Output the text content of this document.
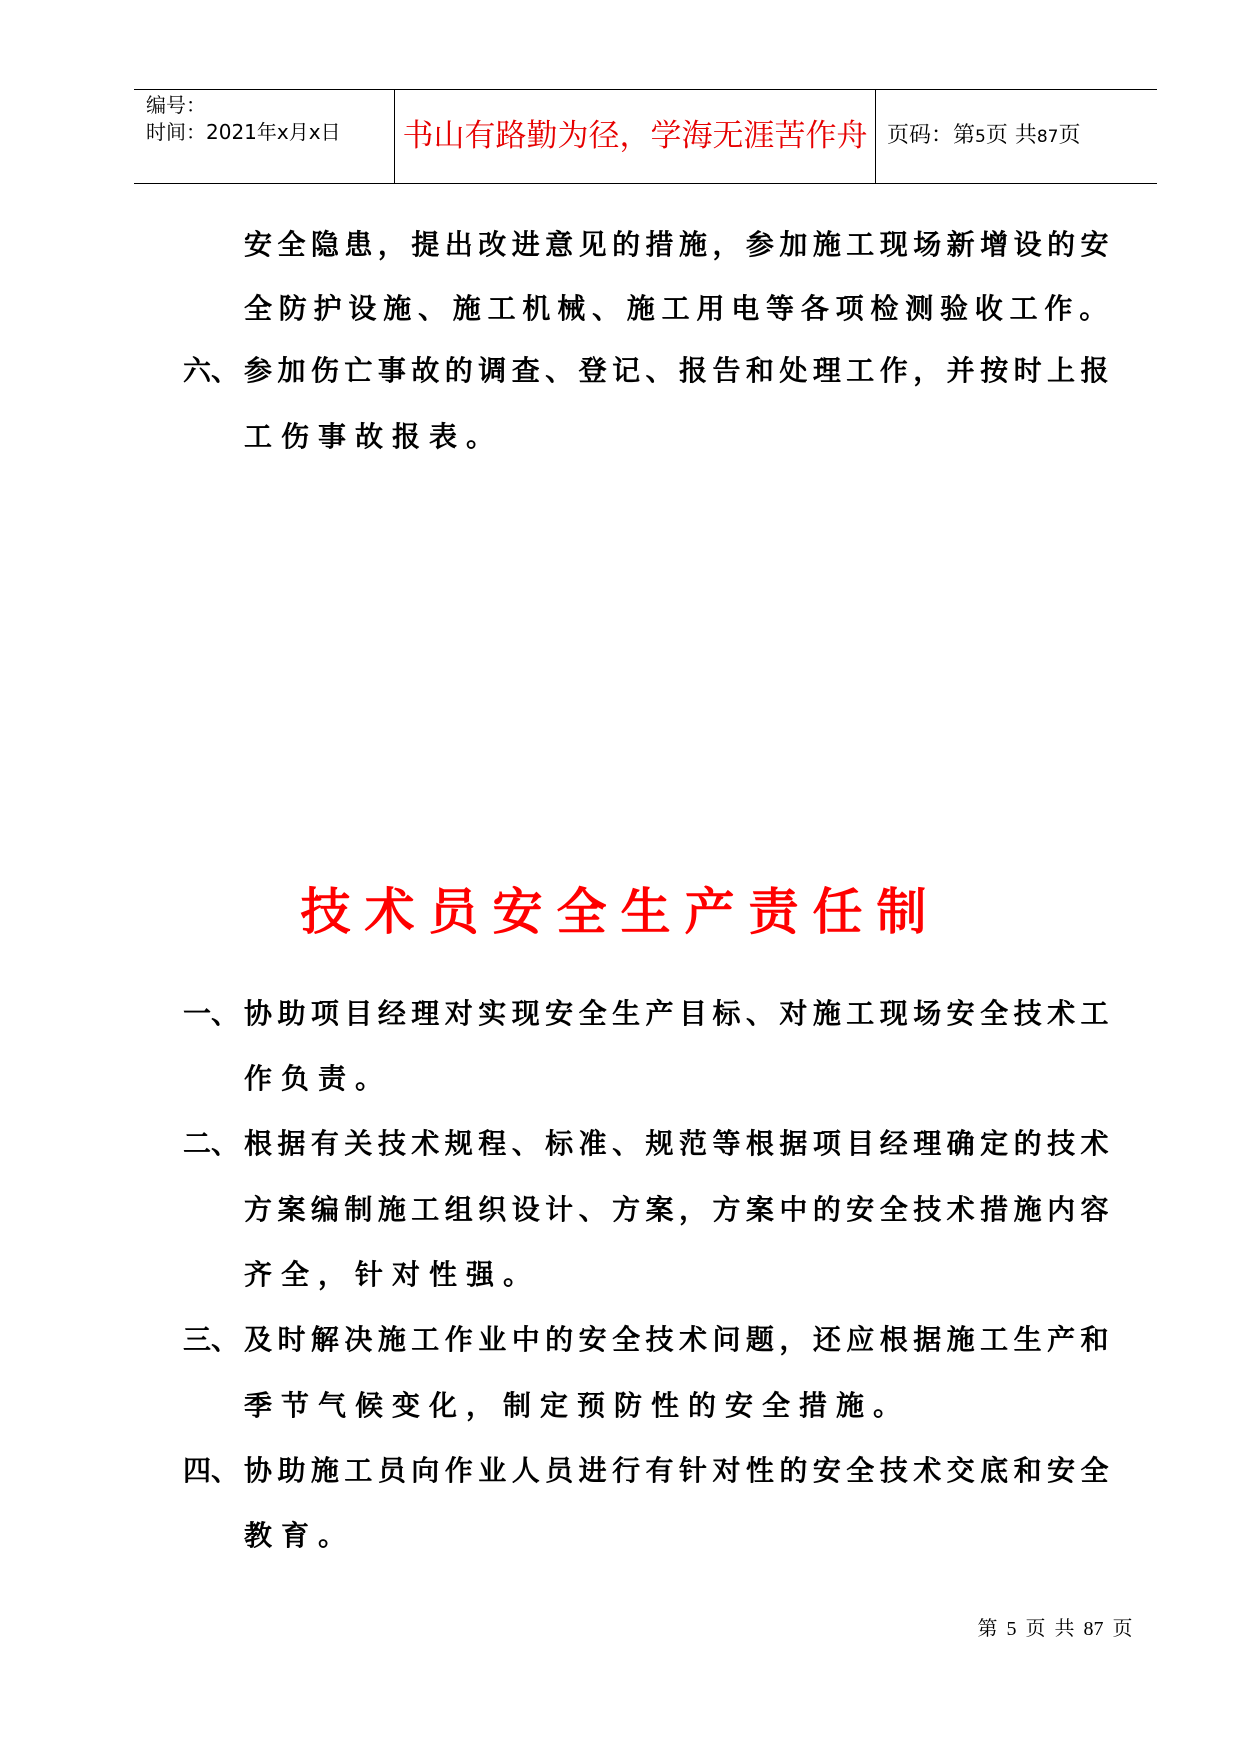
编号：
时间：2021年x月x日 书山有路勤为径，学海无涯苦作舟 页码：第5页 共87页
安全隐患，提出改进意见的措施，参加施工现场新增设的安
全防护设施、施工机械、施工用电等各项检测验收工作。
六、 参加伤亡事故的调查、登记、报告和处理工作，并按时上报
工伤事故报表。
技术员安全生产责任制
一、 协助项目经理对实现安全生产目标、对施工现场安全技术工
作负责。
二、 根据有关技术规程、标准、规范等根据项目经理确定的技术
方案编制施工组织设计、方案，方案中的安全技术措施内容
齐全，针对性强。
三、 及时解决施工作业中的安全技术问题，还应根据施工生产和
季节气候变化，制定预防性的安全措施。
四、 协助施工员向作业人员进行有针对性的安全技术交底和安全
教育。
第 5 页 共 87 页
